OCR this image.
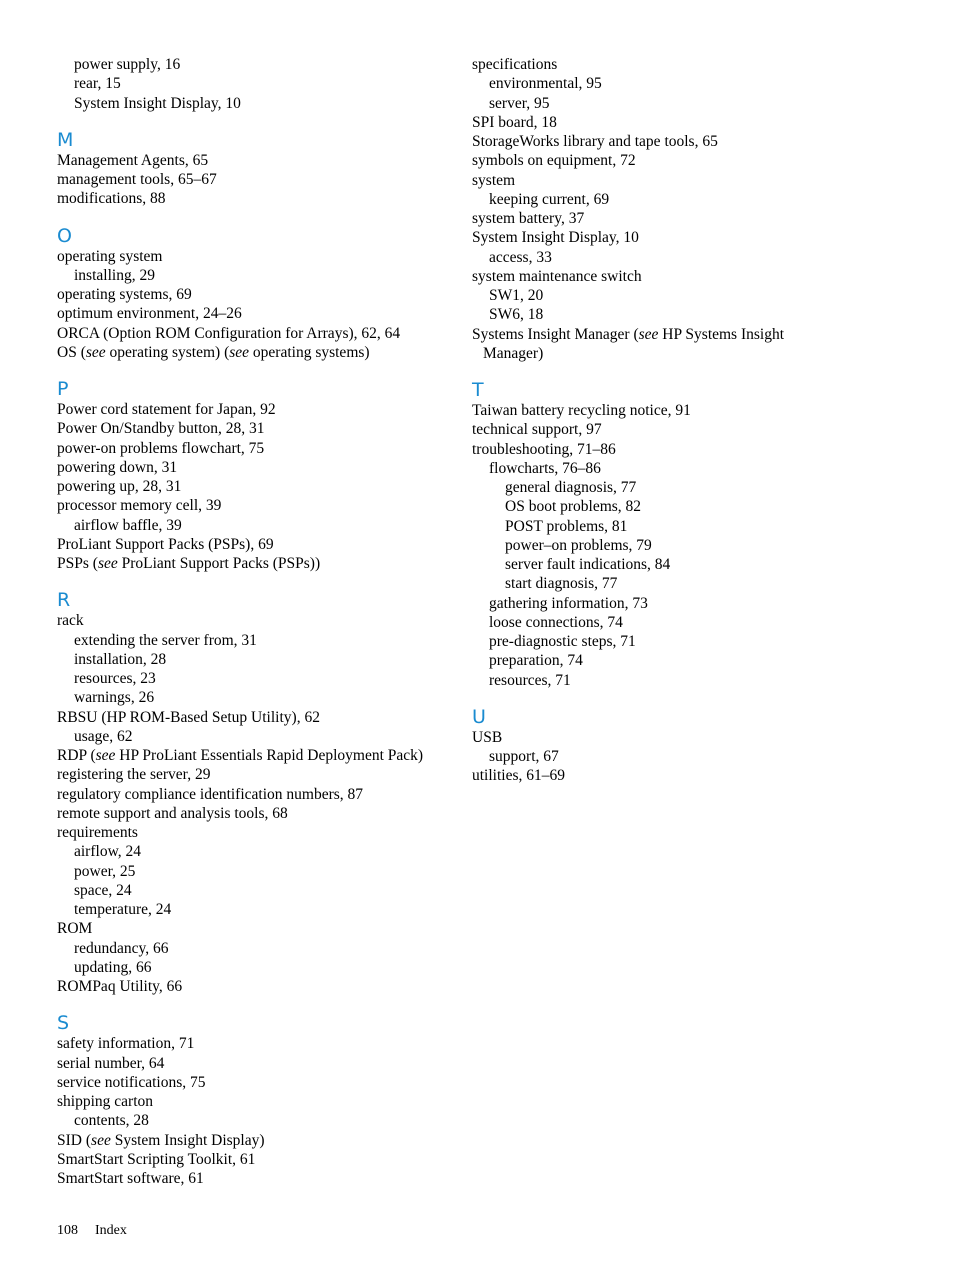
power supply, 16
rear, 15
System Insight Display, 10
M
Management Agents, 65
management tools, 65–67
modifications, 88
O
operating system
installing, 29
operating systems, 69
optimum environment, 24–26
ORCA (Option ROM Configuration for Arrays), 62, 64
OS (see operating system) (see operating systems)
P
Power cord statement for Japan, 92
Power On/Standby button, 28, 31
power-on problems flowchart, 75
powering down, 31
powering up, 28, 31
processor memory cell, 39
airflow baffle, 39
ProLiant Support Packs (PSPs), 69
PSPs (see ProLiant Support Packs (PSPs))
R
rack
extending the server from, 31
installation, 28
resources, 23
warnings, 26
RBSU (HP ROM-Based Setup Utility), 62
usage, 62
RDP (see HP ProLiant Essentials Rapid Deployment Pack)
registering the server, 29
regulatory compliance identification numbers, 87
remote support and analysis tools, 68
requirements
airflow, 24
power, 25
space, 24
temperature, 24
ROM
redundancy, 66
updating, 66
ROMPaq Utility, 66
S
safety information, 71
serial number, 64
service notifications, 75
shipping carton
contents, 28
SID (see System Insight Display)
SmartStart Scripting Toolkit, 61
SmartStart software, 61
specifications
environmental, 95
server, 95
SPI board, 18
StorageWorks library and tape tools, 65
symbols on equipment, 72
system
keeping current, 69
system battery, 37
System Insight Display, 10
access, 33
system maintenance switch
SW1, 20
SW6, 18
Systems Insight Manager (see HP Systems Insight
Manager)
T
Taiwan battery recycling notice, 91
technical support, 97
troubleshooting, 71–86
flowcharts, 76–86
general diagnosis, 77
OS boot problems, 82
POST problems, 81
power–on problems, 79
server fault indications, 84
start diagnosis, 77
gathering information, 73
loose connections, 74
pre-diagnostic steps, 71
preparation, 74
resources, 71
U
USB
support, 67
utilities, 61–69
108 Index
